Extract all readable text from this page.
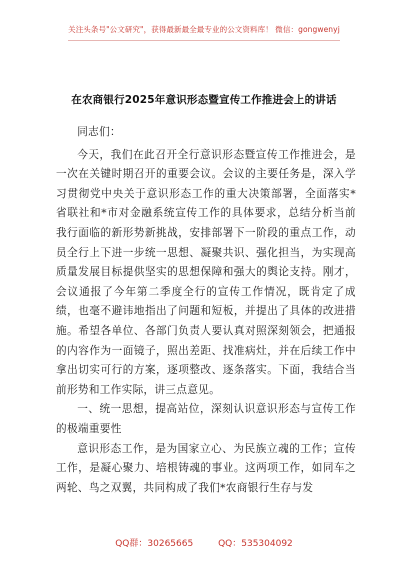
关注头条号"公文研究"，获得最新最全最专业的公文资料库！ 微信：gongwenyj
在农商银行2025年意识形态暨宣传工作推进会上的讲话

同志们：

今天，我们在此召开全行意识形态暨宣传工作推进会，是一次在关键时期召开的重要会议。会议的主要任务是，深入学习贯彻党中央关于意识形态工作的重大决策部署，全面落实*省联社和*市对金融系统宣传工作的具体要求，总结分析当前我行面临的新形势新挑战，安排部署下一阶段的重点工作，动员全行上下进一步统一思想、凝聚共识、强化担当，为实现高质量发展目标提供坚实的思想保障和强大的舆论支持。刚才，会议通报了今年第二季度全行的宣传工作情况，既肯定了成绩，也毫不避讳地指出了问题和短板，并提出了具体的改进措施。希望各单位、各部门负责人要认真对照深刻领会，把通报的内容作为一面镜子，照出差距、找准病灶，并在后续工作中拿出切实可行的方案，逐项整改、逐条落实。下面，我结合当前形势和工作实际，讲三点意见。

一、统一思想，提高站位，深刻认识意识形态与宣传工作的极端重要性

意识形态工作，是为国家立心、为民族立魂的工作；宣传工作，是凝心聚力、培根铸魂的事业。这两项工作，如同车之两轮、鸟之双翼，共同构成了我们*农商银行生存与发

QQ群：30265665	QQ：535304092
